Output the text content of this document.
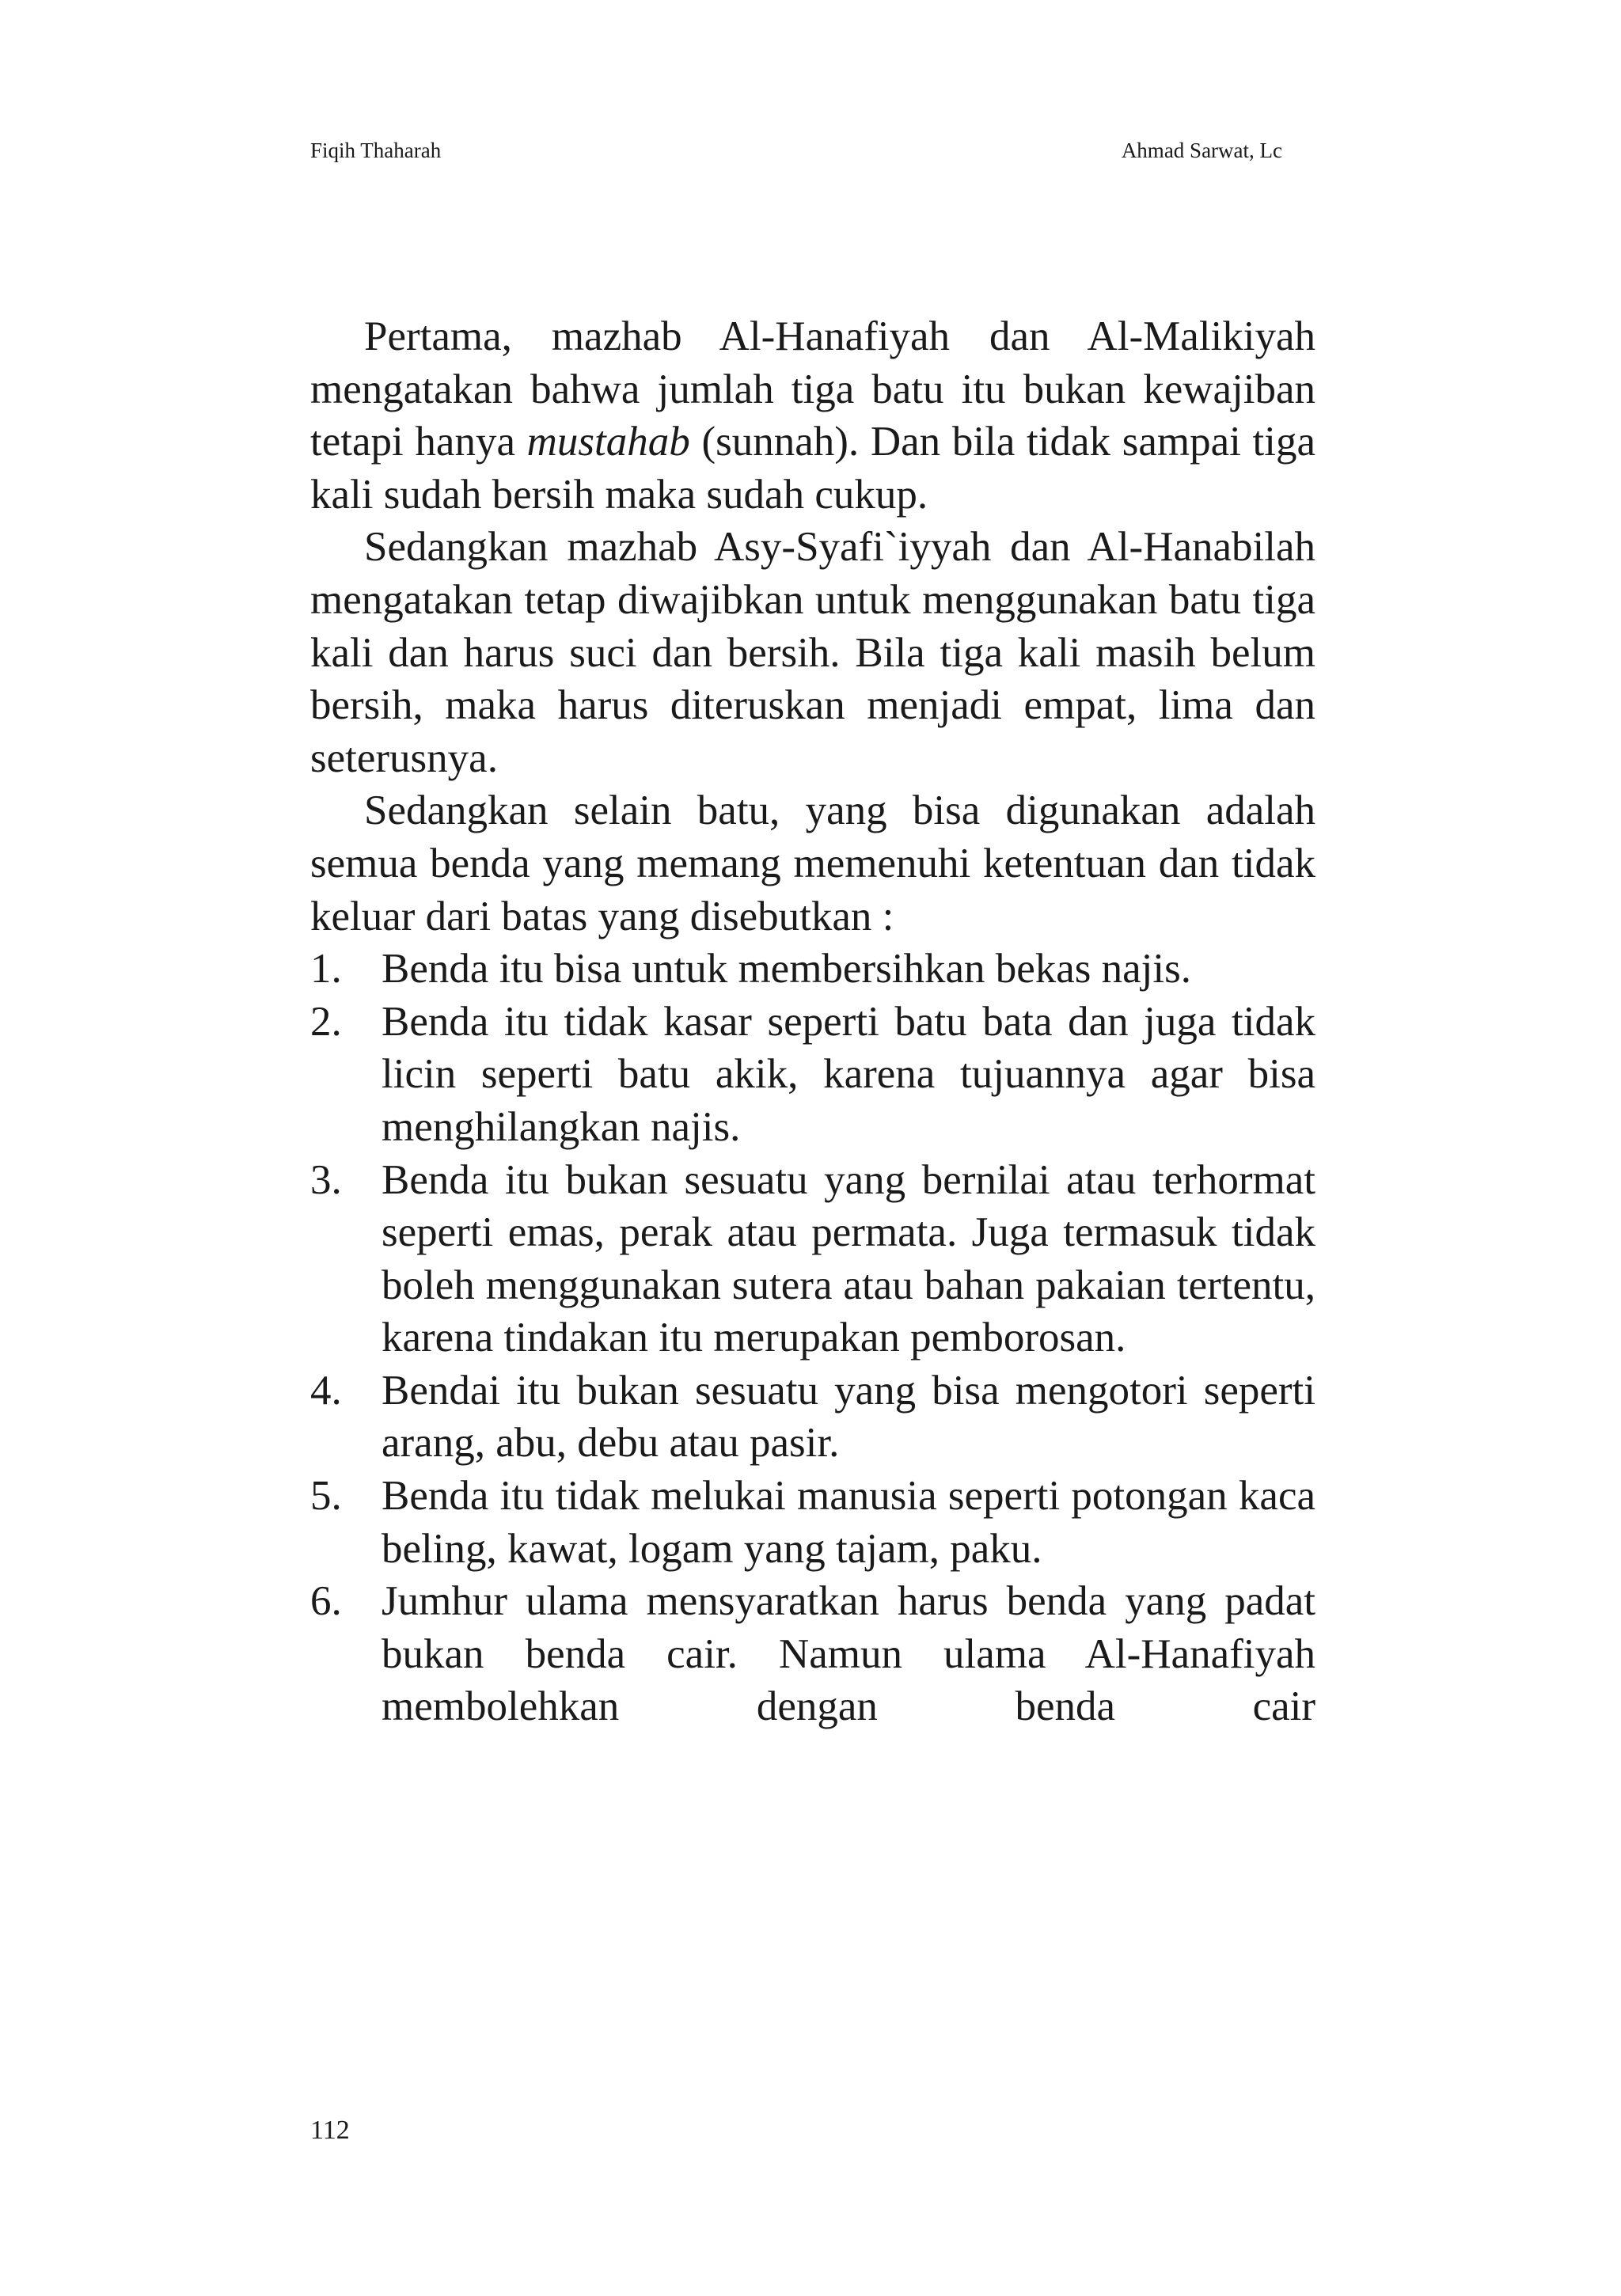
Fiqih Thaharah	Ahmad Sarwat, Lc

Pertama, mazhab Al-Hanafiyah dan Al-Malikiyah mengatakan bahwa jumlah tiga batu itu bukan kewajiban tetapi hanya mustahab (sunnah). Dan bila tidak sampai tiga kali sudah bersih maka sudah cukup.

Sedangkan mazhab Asy-Syafi`iyyah dan Al-Hanabilah mengatakan tetap diwajibkan untuk menggunakan batu tiga kali dan harus suci dan bersih. Bila tiga kali masih belum bersih, maka harus diteruskan menjadi empat, lima dan seterusnya.

Sedangkan selain batu, yang bisa digunakan adalah semua benda yang memang memenuhi ketentuan dan tidak keluar dari batas yang disebutkan :

1. Benda itu bisa untuk membersihkan bekas najis.
2. Benda itu tidak kasar seperti batu bata dan juga tidak licin seperti batu akik, karena tujuannya agar bisa menghilangkan najis.
3. Benda itu bukan sesuatu yang bernilai atau terhormat seperti emas, perak atau permata. Juga termasuk tidak boleh menggunakan sutera atau bahan pakaian tertentu, karena tindakan itu merupakan pemborosan.
4. Bendai itu bukan sesuatu yang bisa mengotori seperti arang, abu, debu atau pasir.
5. Benda itu tidak melukai manusia seperti potongan kaca beling, kawat, logam yang tajam, paku.
6. Jumhur ulama mensyaratkan harus benda yang padat bukan benda cair. Namun ulama Al-Hanafiyah membolehkan dengan benda cair
112
